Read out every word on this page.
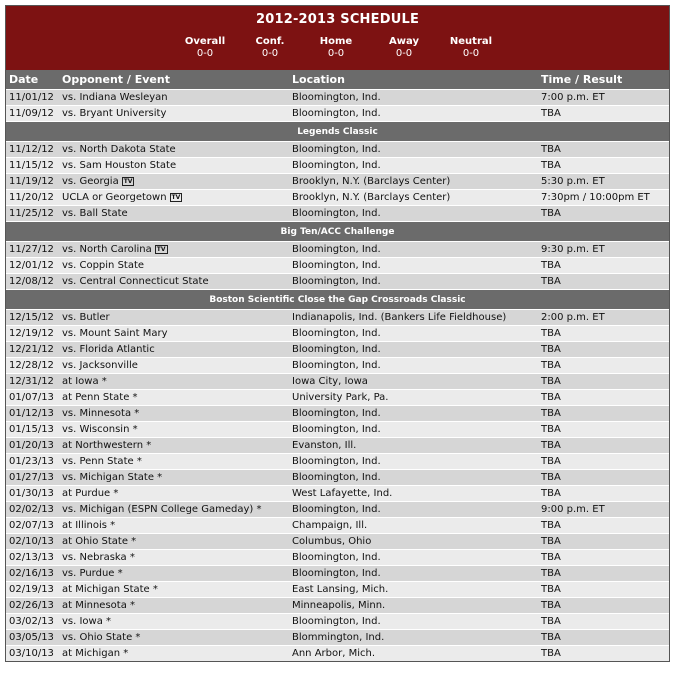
2012-2013 SCHEDULE
Overall
0-0
Conf.
0-0
Home
0-0
Away
0-0
Neutral
0-0
Date Opponent / Event	Location	Time / Result
11/01/12 vs. Indiana Wesleyan	Bloomington, Ind.	7:00 p.m. ET
11/09/12 vs. Bryant University	Bloomington, Ind.	TBA
Legends Classic
11/12/12 vs. North Dakota State	Bloomington, Ind.	TBA
11/15/12 vs. Sam Houston State	Bloomington, Ind.	TBA
11/19/12 vs. Georgia TV	Brooklyn, N.Y. (Barclays Center)	5:30 p.m. ET
11/20/12 UCLA or Georgetown TV	Brooklyn, N.Y. (Barclays Center)	7:30pm / 10:00pm ET
11/25/12 vs. Ball State	Bloomington, Ind.	TBA
Big Ten/ACC Challenge
11/27/12 vs. North Carolina TV	Bloomington, Ind.	9:30 p.m. ET
12/01/12 vs. Coppin State	Bloomington, Ind.	TBA
12/08/12 vs. Central Connecticut State	Bloomington, Ind.	TBA
Boston Scientific Close the Gap Crossroads Classic
12/15/12 vs. Butler	Indianapolis, Ind. (Bankers Life Fieldhouse)	2:00 p.m. ET
12/19/12 vs. Mount Saint Mary	Bloomington, Ind.	TBA
12/21/12 vs. Florida Atlantic	Bloomington, Ind.	TBA
12/28/12 vs. Jacksonville	Bloomington, Ind.	TBA
12/31/12 at Iowa *	Iowa City, Iowa	TBA
01/07/13 at Penn State *	University Park, Pa.	TBA
01/12/13 vs. Minnesota *	Bloomington, Ind.	TBA
01/15/13 vs. Wisconsin *	Bloomington, Ind.	TBA
01/20/13 at Northwestern *	Evanston, Ill.	TBA
01/23/13 vs. Penn State *	Bloomington, Ind.	TBA
01/27/13 vs. Michigan State *	Bloomington, Ind.	TBA
01/30/13 at Purdue *	West Lafayette, Ind.	TBA
02/02/13 vs. Michigan (ESPN College Gameday) *	Bloomington, Ind.	9:00 p.m. ET
02/07/13 at Illinois *	Champaign, Ill.	TBA
02/10/13 at Ohio State *	Columbus, Ohio	TBA
02/13/13 vs. Nebraska *	Bloomington, Ind.	TBA
02/16/13 vs. Purdue *	Bloomington, Ind.	TBA
02/19/13 at Michigan State *	East Lansing, Mich.	TBA
02/26/13 at Minnesota *	Minneapolis, Minn.	TBA
03/02/13 vs. Iowa *	Bloomington, Ind.	TBA
03/05/13 vs. Ohio State *	Blommington, Ind.	TBA
03/10/13 at Michigan *	Ann Arbor, Mich.	TBA
